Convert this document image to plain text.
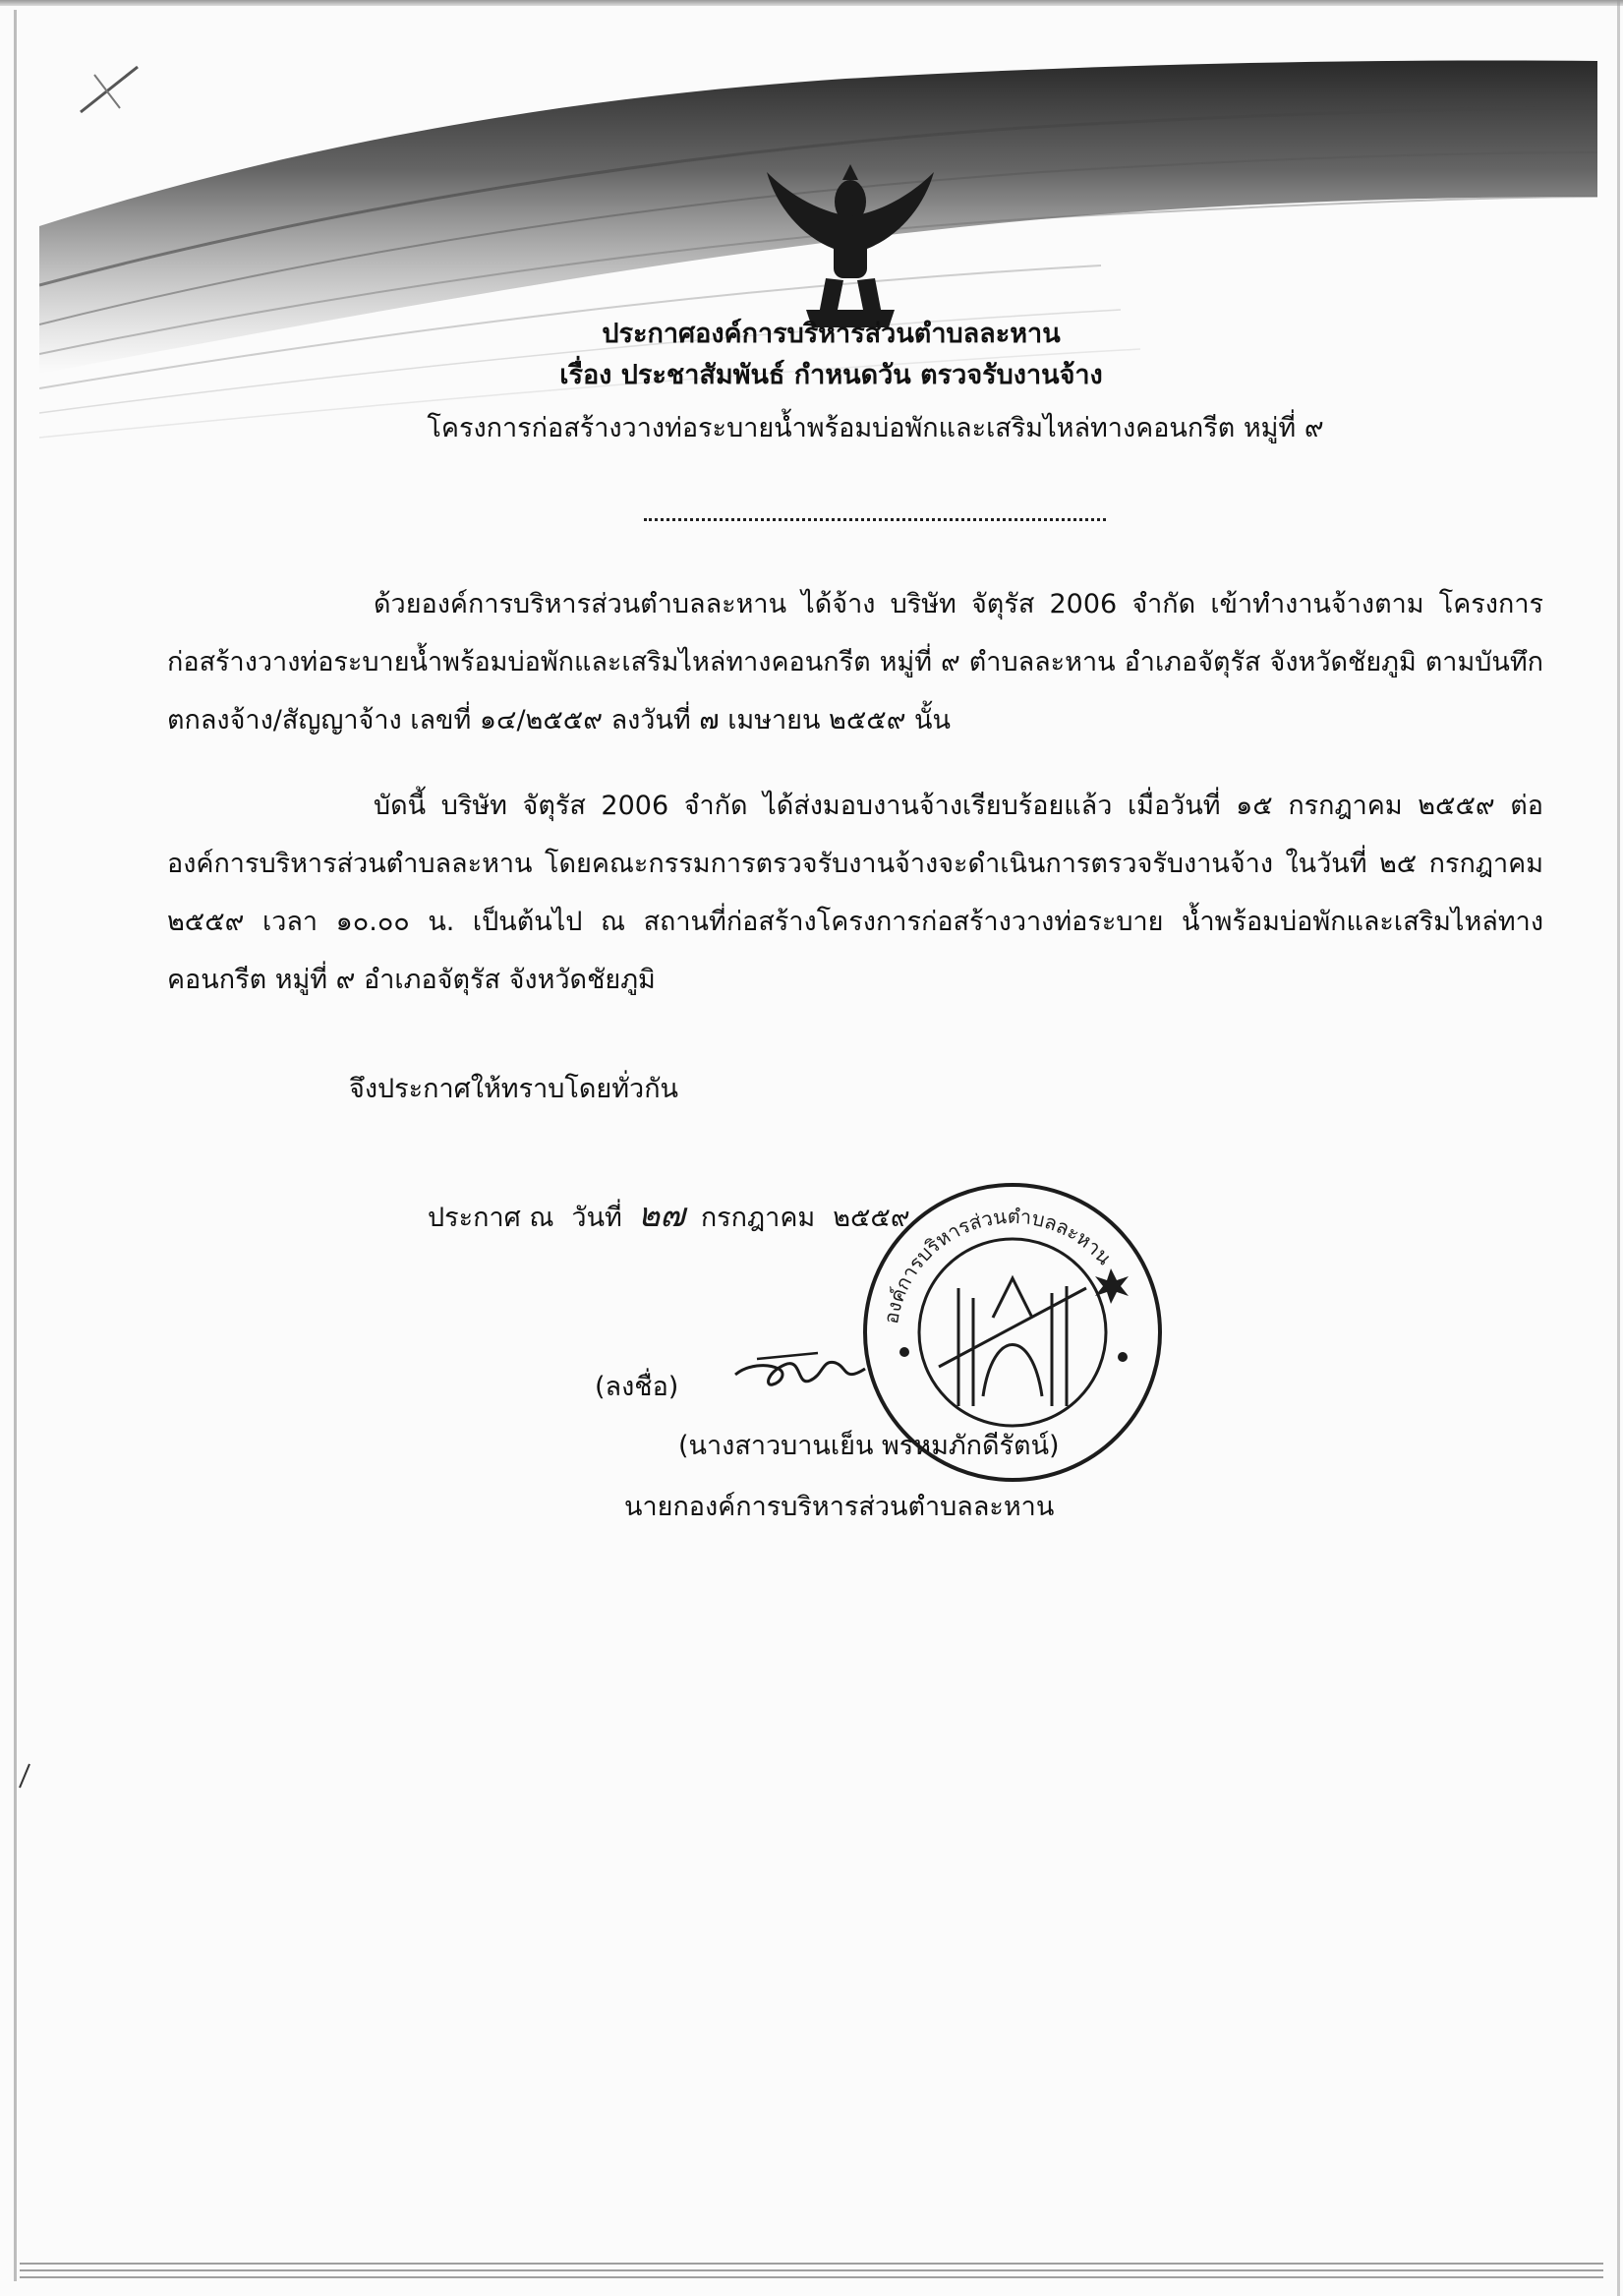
ประกาศองค์การบริหารส่วนตำบลละหาน
เรื่อง ประชาสัมพันธ์ กำหนดวัน ตรวจรับงานจ้าง
โครงการก่อสร้างวางท่อระบายน้ำพร้อมบ่อพักและเสริมไหล่ทางคอนกรีต หมู่ที่ ๙
ด้วยองค์การบริหารส่วนตำบลละหาน ได้จ้าง บริษัท จัตุรัส 2006 จำกัด เข้าทำงานจ้างตาม โครงการก่อสร้างวางท่อระบายน้ำพร้อมบ่อพักและเสริมไหล่ทางคอนกรีต หมู่ที่ ๙ ตำบลละหาน อำเภอจัตุรัส จังหวัดชัยภูมิ ตามบันทึกตกลงจ้าง/สัญญาจ้าง เลขที่ ๑๔/๒๕๕๙ ลงวันที่ ๗ เมษายน ๒๕๕๙ นั้น
บัดนี้ บริษัท จัตุรัส 2006 จำกัด ได้ส่งมอบงานจ้างเรียบร้อยแล้ว เมื่อวันที่ ๑๕ กรกฎาคม ๒๕๕๙ ต่อองค์การบริหารส่วนตำบลละหาน โดยคณะกรรมการตรวจรับงานจ้างจะดำเนินการตรวจรับงานจ้าง ในวันที่ ๒๕ กรกฎาคม ๒๕๕๙ เวลา ๑๐.๐๐ น. เป็นต้นไป ณ สถานที่ก่อสร้างโครงการก่อสร้างวางท่อระบาย น้ำพร้อมบ่อพักและเสริมไหล่ทางคอนกรีต หมู่ที่ ๙ อำเภอจัตุรัส จังหวัดชัยภูมิ
จึงประกาศให้ทราบโดยทั่วกัน
ประกาศ ณ วันที่ ๒๗ กรกฎาคม ๒๕๕๙
(ลงชื่อ)
(นางสาวบานเย็น พรหมภักดีรัตน์)
นายกองค์การบริหารส่วนตำบลละหาน
องค์การบริหารส่วนตำบลละหาน
